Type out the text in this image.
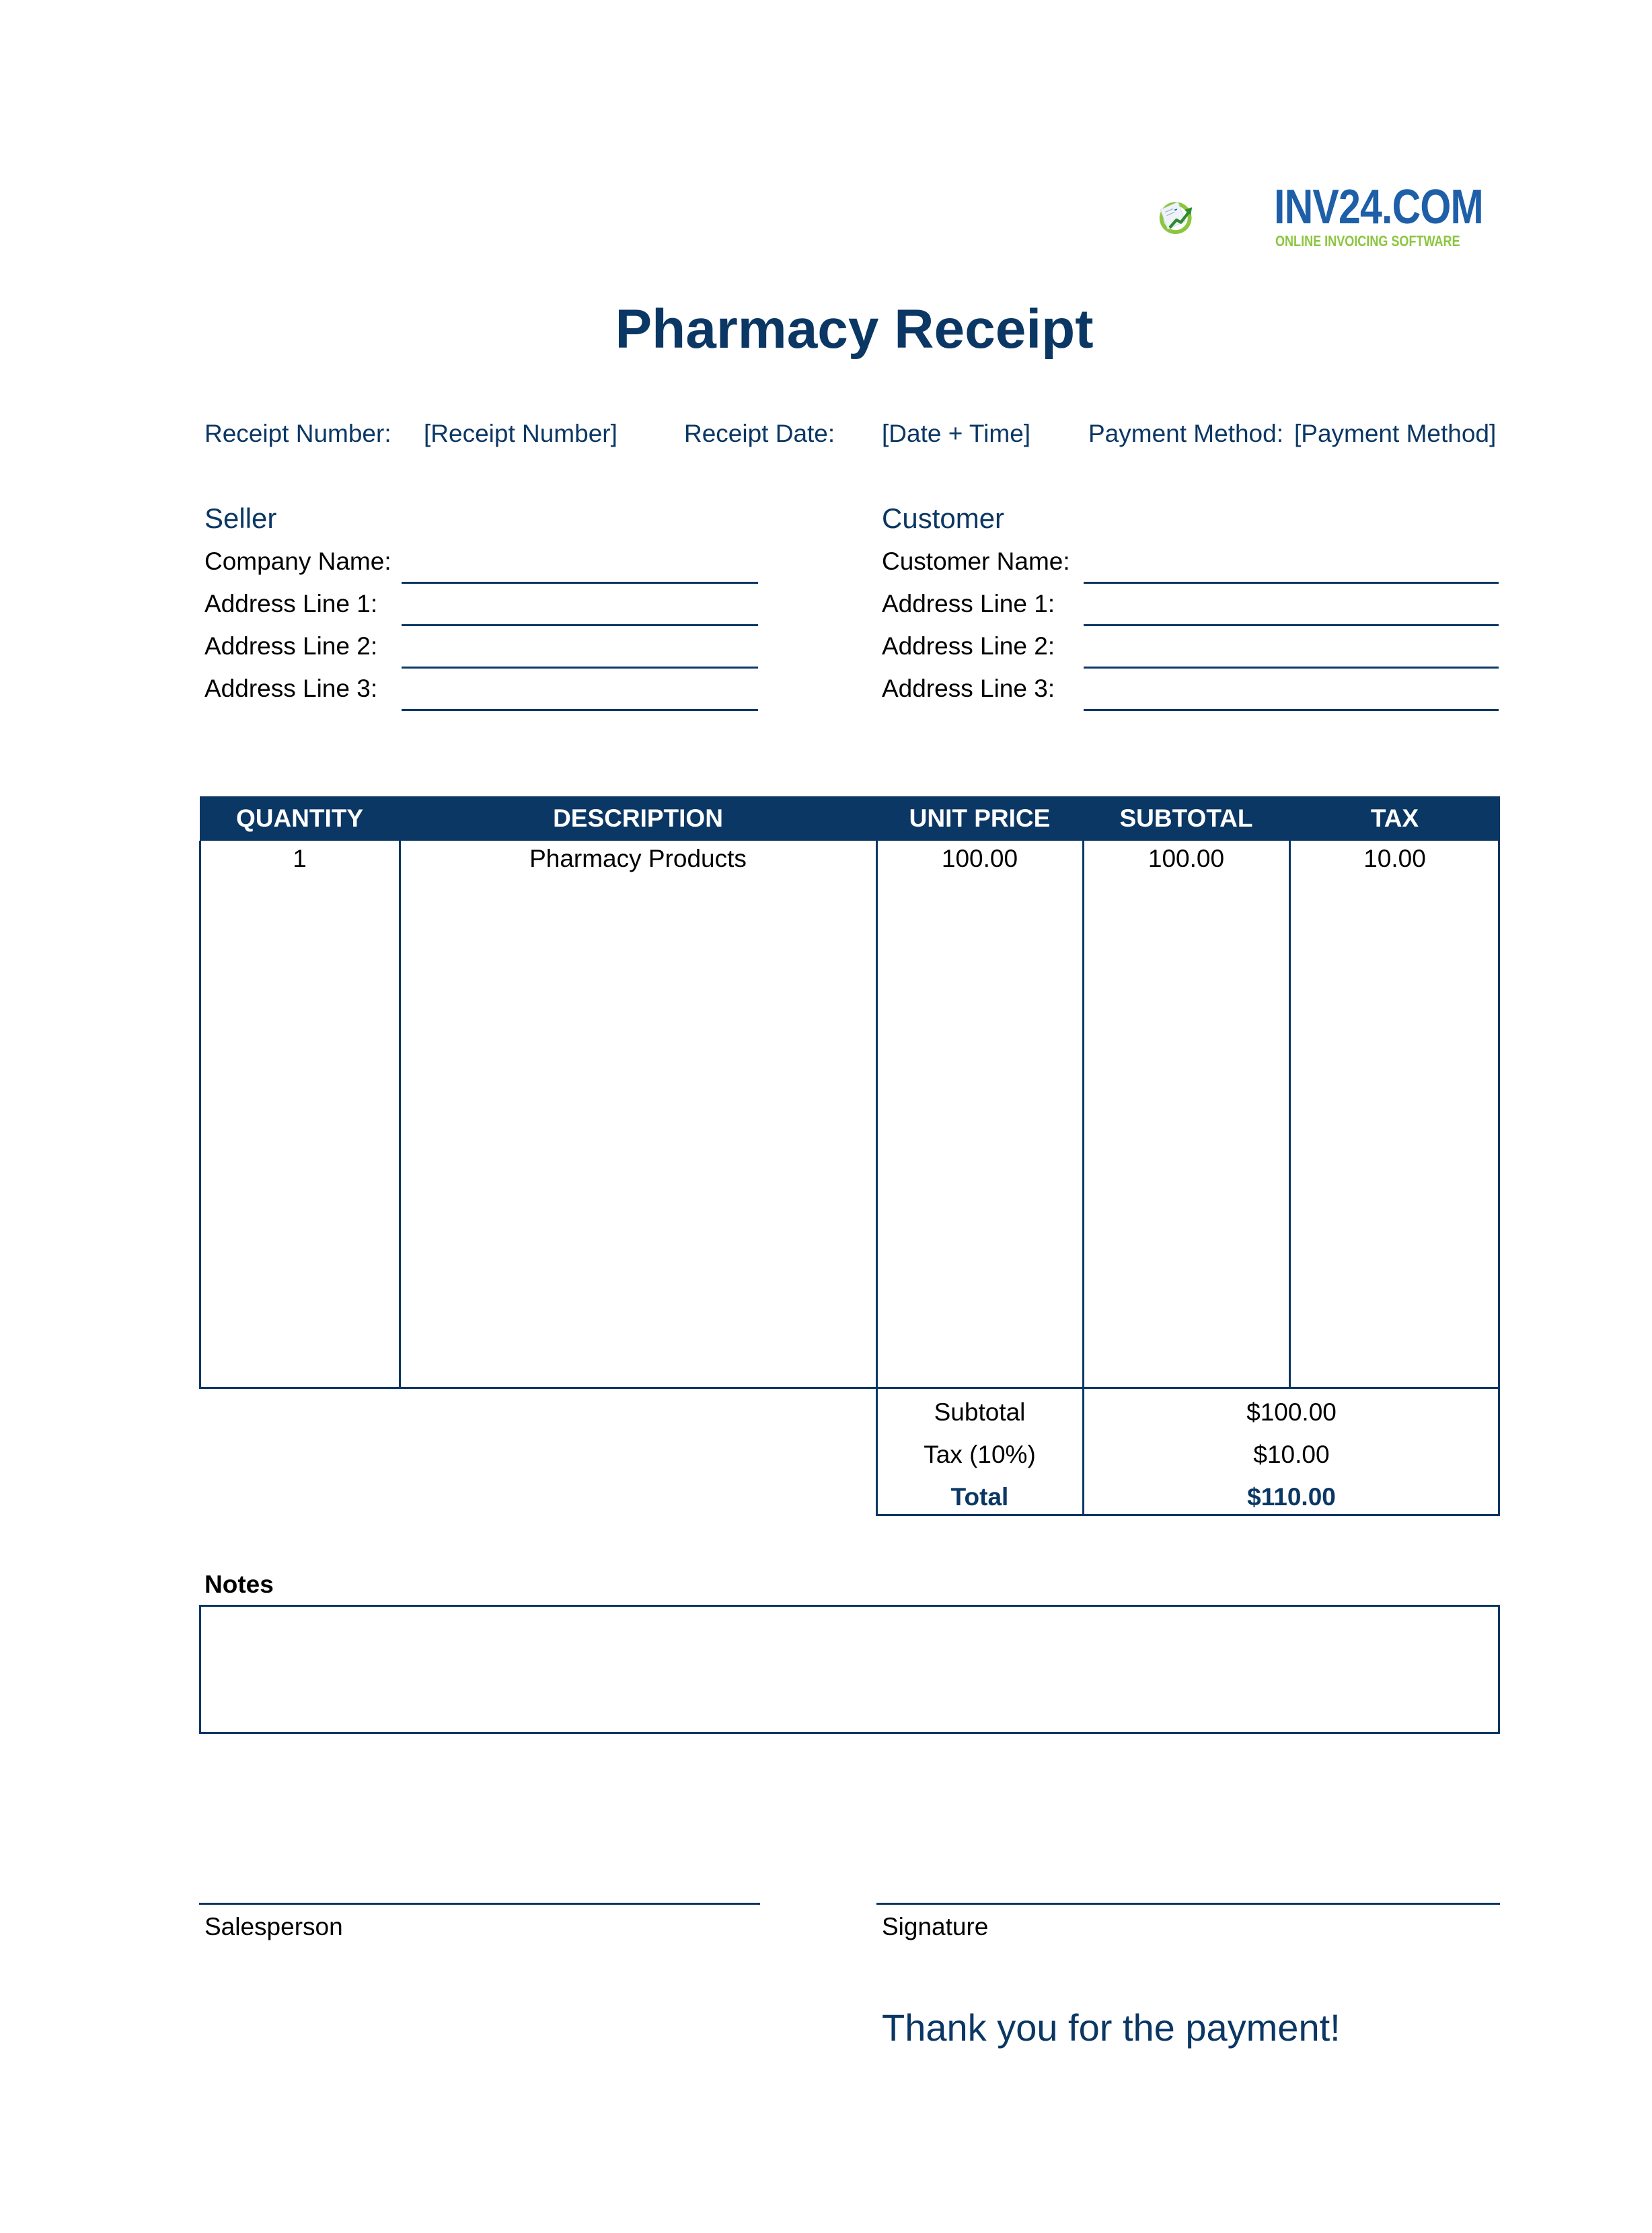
INV24.COM
ONLINE INVOICING SOFTWARE
Pharmacy Receipt
Receipt Number: [Receipt Number]	Receipt Date: [Date + Time] Payment Method: [Payment Method]
Seller
Company Name:
Address Line 1:
Address Line 2:
Address Line 3:
Customer
Customer Name:
Address Line 1:
Address Line 2:
Address Line 3:
QUANTITY	DESCRIPTION	UNIT PRICE	SUBTOTAL	TAX
1	Pharmacy Products	100.00	100.00	10.00
Subtotal	$100.00
Tax (10%)	$10.00
Total	$110.00
Notes
Salesperson	Signature
Thank you for the payment!
